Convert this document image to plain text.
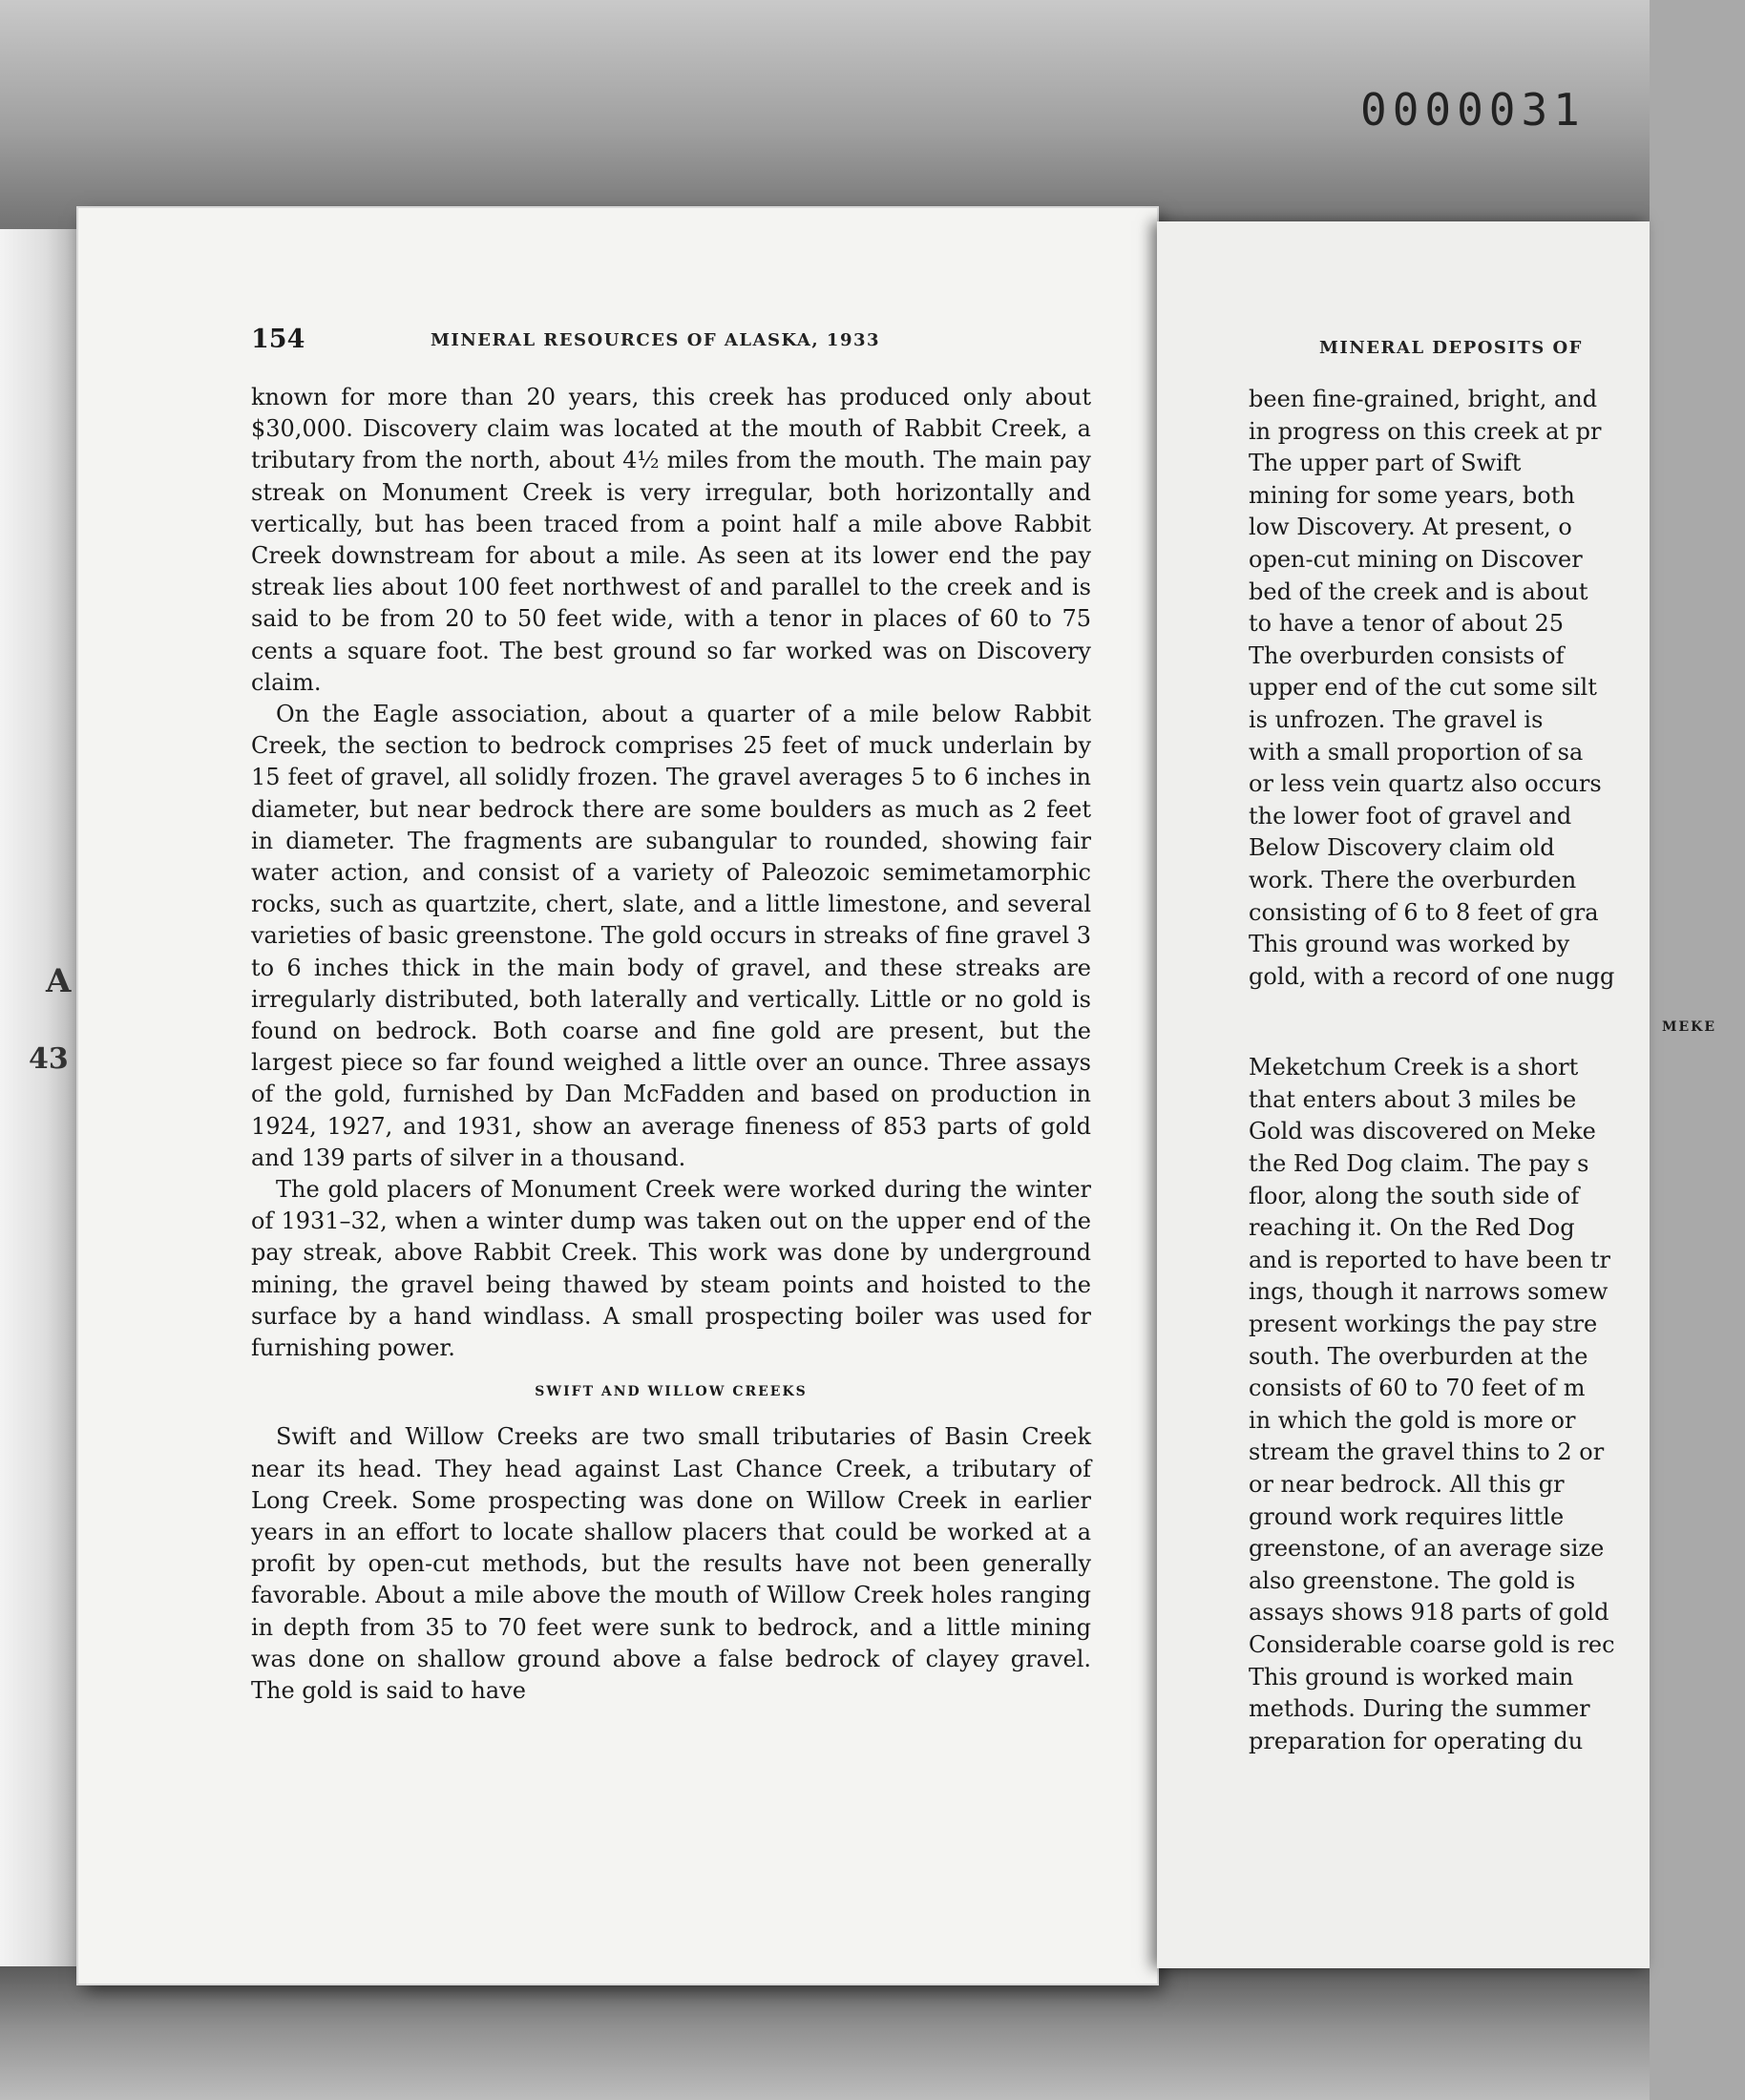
0000031
A
43
154	MINERAL RESOURCES OF ALASKA, 1933

known for more than 20 years, this creek has produced only about $30,000. Discovery claim was located at the mouth of Rabbit Creek, a tributary from the north, about 4½ miles from the mouth. The main pay streak on Monument Creek is very irregular, both horizontally and vertically, but has been traced from a point half a mile above Rabbit Creek downstream for about a mile. As seen at its lower end the pay streak lies about 100 feet northwest of and parallel to the creek and is said to be from 20 to 50 feet wide, with a tenor in places of 60 to 75 cents a square foot. The best ground so far worked was on Discovery claim.

On the Eagle association, about a quarter of a mile below Rabbit Creek, the section to bedrock comprises 25 feet of muck underlain by 15 feet of gravel, all solidly frozen. The gravel averages 5 to 6 inches in diameter, but near bedrock there are some boulders as much as 2 feet in diameter. The fragments are subangular to rounded, showing fair water action, and consist of a variety of Paleozoic semimetamorphic rocks, such as quartzite, chert, slate, and a little limestone, and several varieties of basic greenstone. The gold occurs in streaks of fine gravel 3 to 6 inches thick in the main body of gravel, and these streaks are irregularly distributed, both laterally and vertically. Little or no gold is found on bedrock. Both coarse and fine gold are present, but the largest piece so far found weighed a little over an ounce. Three assays of the gold, furnished by Dan McFadden and based on production in 1924, 1927, and 1931, show an average fineness of 853 parts of gold and 139 parts of silver in a thousand.

The gold placers of Monument Creek were worked during the winter of 1931–32, when a winter dump was taken out on the upper end of the pay streak, above Rabbit Creek. This work was done by underground mining, the gravel being thawed by steam points and hoisted to the surface by a hand windlass. A small prospecting boiler was used for furnishing power.

SWIFT AND WILLOW CREEKS

Swift and Willow Creeks are two small tributaries of Basin Creek near its head. They head against Last Chance Creek, a tributary of Long Creek. Some prospecting was done on Willow Creek in earlier years in an effort to locate shallow placers that could be worked at a profit by open-cut methods, but the results have not been generally favorable. About a mile above the mouth of Willow Creek holes ranging in depth from 35 to 70 feet were sunk to bedrock, and a little mining was done on shallow ground above a false bedrock of clayey gravel. The gold is said to have

MINERAL DEPOSITS OF
been fine-grained, bright, and
in progress on this creek at pr
The upper part of Swift
mining for some years, both
low Discovery. At present, o
open-cut mining on Discover
bed of the creek and is about
to have a tenor of about 25
The overburden consists of
upper end of the cut some silt
is unfrozen. The gravel is
with a small proportion of sa
or less vein quartz also occurs
the lower foot of gravel and
Below Discovery claim old
work. There the overburden
consisting of 6 to 8 feet of gra
This ground was worked by
gold, with a record of one nugg
MEKE
Meketchum Creek is a short
that enters about 3 miles be
Gold was discovered on Meke
the Red Dog claim. The pay s
floor, along the south side of
reaching it. On the Red Dog
and is reported to have been tr
ings, though it narrows somew
present workings the pay stre
south. The overburden at the
consists of 60 to 70 feet of m
in which the gold is more or
stream the gravel thins to 2 or
or near bedrock. All this gr
ground work requires little
greenstone, of an average size
also greenstone. The gold is
assays shows 918 parts of gold
Considerable coarse gold is rec
This ground is worked main
methods. During the summer
preparation for operating du
